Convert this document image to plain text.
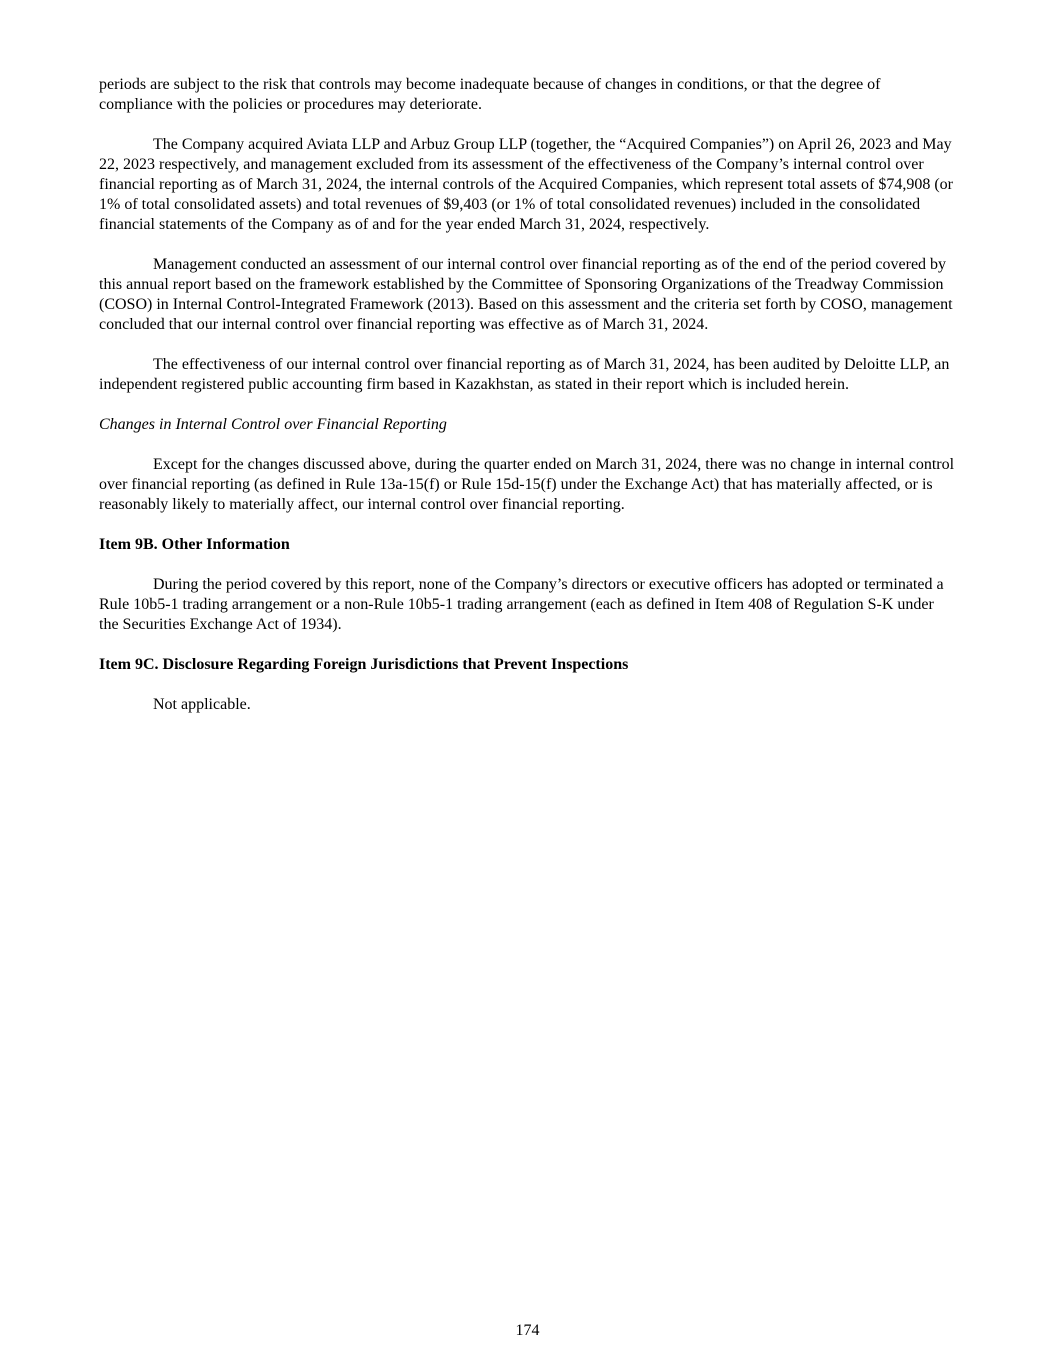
periods are subject to the risk that controls may become inadequate because of changes in conditions, or that the degree of compliance with the policies or procedures may deteriorate.

The Company acquired Aviata LLP and Arbuz Group LLP (together, the “Acquired Companies”) on April 26, 2023 and May 22, 2023 respectively, and management excluded from its assessment of the effectiveness of the Company’s internal control over financial reporting as of March 31, 2024, the internal controls of the Acquired Companies, which represent total assets of $74,908 (or 1% of total consolidated assets) and total revenues of $9,403 (or 1% of total consolidated revenues) included in the consolidated financial statements of the Company as of and for the year ended March 31, 2024, respectively.

Management conducted an assessment of our internal control over financial reporting as of the end of the period covered by this annual report based on the framework established by the Committee of Sponsoring Organizations of the Treadway Commission (COSO) in Internal Control-Integrated Framework (2013). Based on this assessment and the criteria set forth by COSO, management concluded that our internal control over financial reporting was effective as of March 31, 2024.

The effectiveness of our internal control over financial reporting as of March 31, 2024, has been audited by Deloitte LLP, an independent registered public accounting firm based in Kazakhstan, as stated in their report which is included herein.

Changes in Internal Control over Financial Reporting

Except for the changes discussed above, during the quarter ended on March 31, 2024, there was no change in internal control over financial reporting (as defined in Rule 13a-15(f) or Rule 15d-15(f) under the Exchange Act) that has materially affected, or is reasonably likely to materially affect, our internal control over financial reporting.

Item 9B. Other Information

During the period covered by this report, none of the Company’s directors or executive officers has adopted or terminated a Rule 10b5-1 trading arrangement or a non-Rule 10b5-1 trading arrangement (each as defined in Item 408 of Regulation S-K under the Securities Exchange Act of 1934).

Item 9C. Disclosure Regarding Foreign Jurisdictions that Prevent Inspections

Not applicable.

174
